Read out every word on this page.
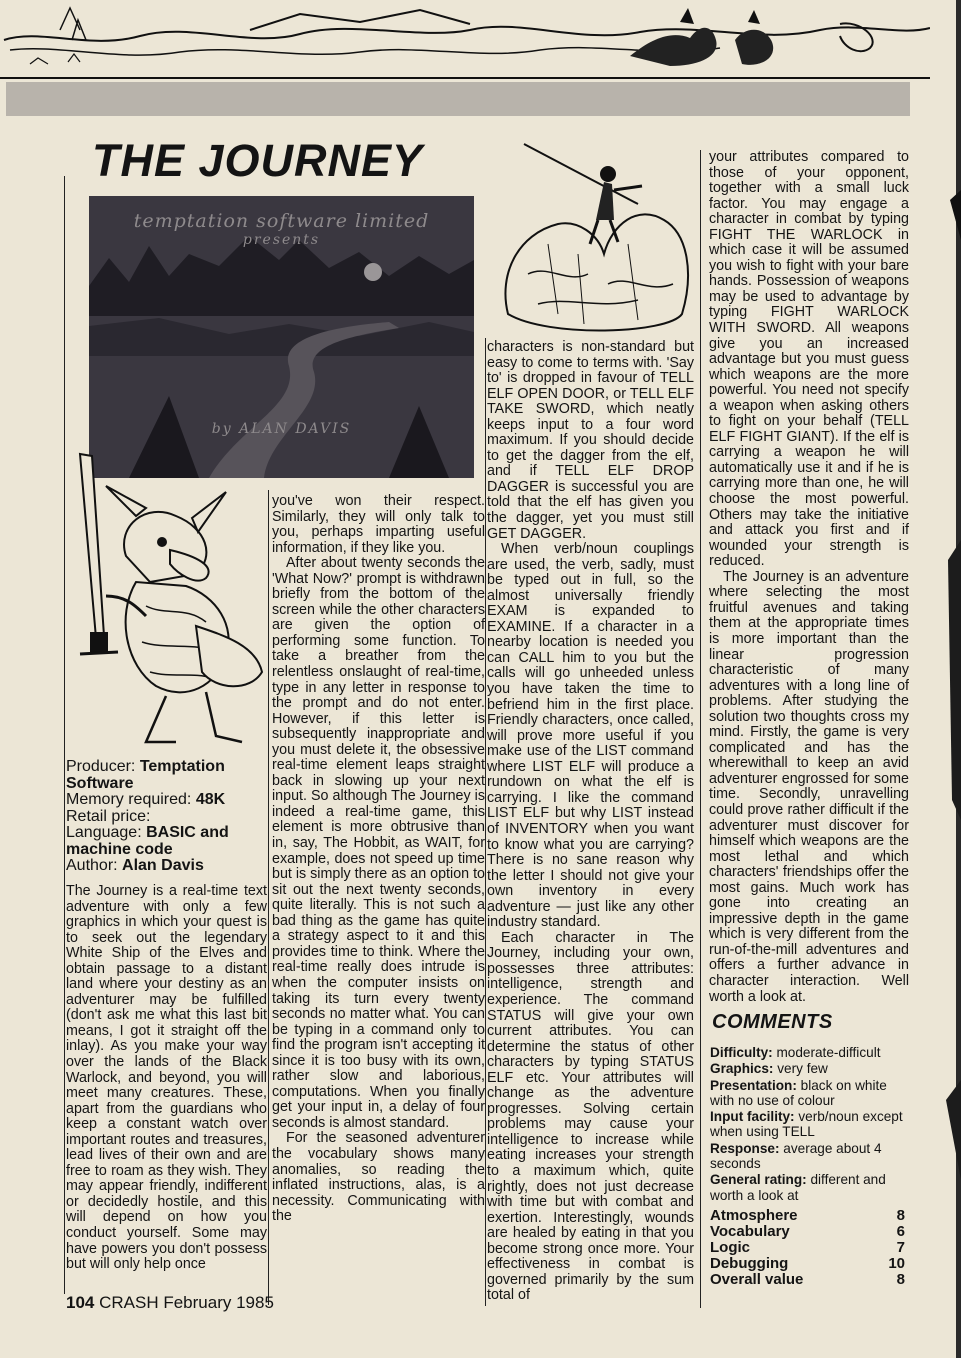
THE JOURNEY
temptation software limited
presents
by ALAN DAVIS
Producer: Temptation Software
Memory required: 48K
Retail price:
Language: BASIC and machine code
Author: Alan Davis

The Journey is a real-time text adventure with only a few graphics in which your quest is to seek out the legendary White Ship of the Elves and obtain passage to a distant land where your destiny as an adventurer may be fulfilled (don't ask me what this last bit means, I got it straight off the inlay). As you make your way over the lands of the Black Warlock, and beyond, you will meet many creatures. These, apart from the guardians who keep a constant watch over important routes and treasures, lead lives of their own and are free to roam as they wish. They may appear friendly, indifferent or decidedly hostile, and this will depend on how you conduct yourself. Some may have powers you don't possess but will only help once

you've won their respect. Similarly, they will only talk to you, perhaps imparting useful information, if they like you.

After about twenty seconds the 'What Now?' prompt is withdrawn briefly from the bottom of the screen while the other characters are given the option of performing some function. To take a breather from the relentless onslaught of real-time, type in any letter in response to the prompt and do not enter. However, if this letter is subsequently inappropriate and you must delete it, the obsessive real-time element leaps straight back in slowing up your next input. So although The Journey is indeed a real-time game, this element is more obtrusive than in, say, The Hobbit, as WAIT, for example, does not speed up time but is simply there as an option to sit out the next twenty seconds, quite literally. This is not such a bad thing as the game has quite a strategy aspect to it and this provides time to think. Where the real-time really does intrude is when the computer insists on taking its turn every twenty seconds no matter what. You can be typing in a command only to find the program isn't accepting it since it is too busy with its own, rather slow and laborious, computations. When you finally get your input in, a delay of four seconds is almost standard.

For the seasoned adventurer the vocabulary shows many anomalies, so reading the inflated instructions, alas, is a necessity. Communicating with the

characters is non-standard but easy to come to terms with. 'Say to' is dropped in favour of TELL ELF OPEN DOOR, or TELL ELF TAKE SWORD, which neatly keeps input to a four word maximum. If you should decide to get the dagger from the elf, and if TELL ELF DROP DAGGER is successful you are told that the elf has given you the dagger, yet you must still GET DAGGER.

When verb/noun couplings are used, the verb, sadly, must be typed out in full, so the almost universally friendly EXAM is expanded to EXAMINE. If a character in a nearby location is needed you can CALL him to you but the calls will go unheeded unless you have taken the time to befriend him in the first place. Friendly characters, once called, will prove more useful if you make use of the LIST command where LIST ELF will produce a rundown on what the elf is carrying. I like the command LIST ELF but why LIST instead of INVENTORY when you want to know what you are carrying? There is no sane reason why the letter I should not give your own inventory in every adventure — just like any other industry standard.

Each character in The Journey, including your own, possesses three attributes: intelligence, strength and experience. The command STATUS will give your own current attributes. You can determine the status of other characters by typing STATUS ELF etc. Your attributes will change as the adventure progresses. Solving certain problems may cause your intelligence to increase while eating increases your strength to a maximum which, quite rightly, does not just decrease with time but with combat and exertion. Interestingly, wounds are healed by eating in that you become strong once more. Your effectiveness in combat is governed primarily by the sum total of

your attributes compared to those of your opponent, together with a small luck factor. You may engage a character in combat by typing FIGHT THE WARLOCK in which case it will be assumed you wish to fight with your bare hands. Possession of weapons may be used to advantage by typing FIGHT WARLOCK WITH SWORD. All weapons give you an increased advantage but you must guess which weapons are the more powerful. You need not specify a weapon when asking others to fight on your behalf (TELL ELF FIGHT GIANT). If the elf is carrying a weapon he will automatically use it and if he is carrying more than one, he will choose the most powerful. Others may take the initiative and attack you first and if wounded your strength is reduced.

The Journey is an adventure where selecting the most fruitful avenues and taking them at the appropriate times is more important than the linear progression characteristic of many adventures with a long line of problems. After studying the solution two thoughts cross my mind. Firstly, the game is very complicated and has the wherewithall to keep an avid adventurer engrossed for some time. Secondly, unravelling could prove rather difficult if the adventurer must discover for himself which weapons are the most lethal and which characters' friendships offer the most gains. Much work has gone into creating an impressive depth in the game which is very different from the run-of-the-mill adventures and offers a further advance in character interaction. Well worth a look at.

COMMENTS
Difficulty: moderate-difficult
Graphics: very few
Presentation: black on white with no use of colour
Input facility: verb/noun except when using TELL
Response: average about 4 seconds
General rating: different and worth a look at
Atmosphere	8
Vocabulary	6
Logic	7
Debugging	10
Overall value	8
104 CRASH February 1985
